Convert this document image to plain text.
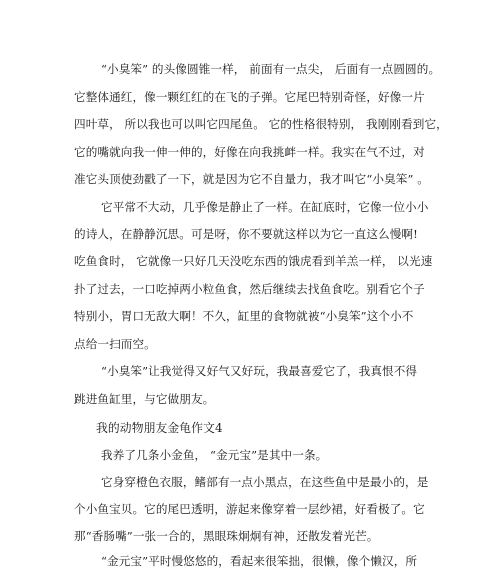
“小臭笨” 的头像圆锥一样， 前面有一点尖， 后面有一点圆圆的。
它整体通红，像一颗红红的在飞的子弹。它尾巴特别奇怪，好像一片
四叶草， 所以我也可以叫它四尾鱼。 它的性格很特别， 我刚刚看到它，
它的嘴就向我一伸一伸的，好像在向我挑衅一样。我实在气不过，对
准它头顶使劲戳了一下，就是因为它不自量力，我才叫它“小臭笨” 。
它平常不大动，几乎像是静止了一样。在缸底时，它像一位小小
的诗人，在静静沉思。可是呀，你不要就这样以为它一直这么慢啊!
吃鱼食时， 它就像一只好几天没吃东西的饿虎看到羊羔一样， 以光速
扑了过去，一口吃掉两小粒鱼食，然后继续去找鱼食吃。别看它个子
特别小，胃口无敌大啊！不久，缸里的食物就被“小臭笨”这个小不
点给一扫而空。
“小臭笨”让我觉得又好气又好玩，我最喜爱它了，我真恨不得
跳进鱼缸里，与它做朋友。
我的动物朋友金龟作文4
我养了几条小金鱼， “金元宝”是其中一条。
它身穿橙色衣服，鳍部有一点小黑点，在这些鱼中是最小的，是
个小鱼宝贝。它的尾巴透明，游起来像穿着一层纱裙，好看极了。它
那“香肠嘴”一张一合的，黑眼珠炯炯有神，还散发着光芒。
“金元宝”平时慢悠悠的，看起来很笨拙，很懒，像个懒汉，所
